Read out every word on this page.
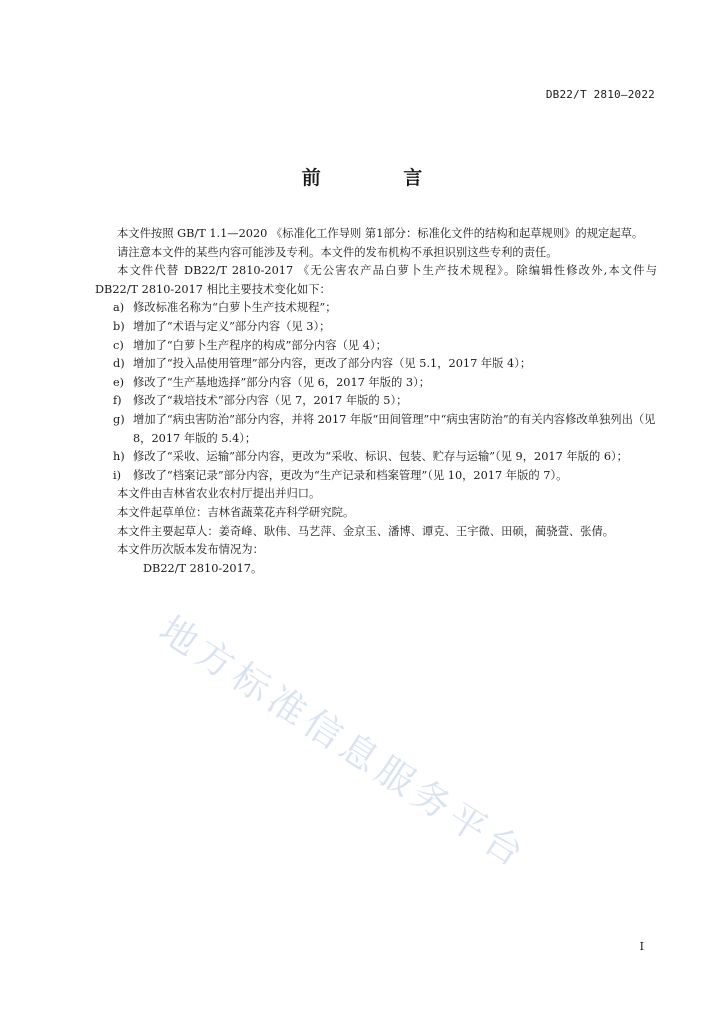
DB22/T 2810—2022
前 言

本文件按照 GB/T 1.1—2020 《标准化工作导则 第1部分：标准化文件的结构和起草规则》的规定起草。

请注意本文件的某些内容可能涉及专利。本文件的发布机构不承担识别这些专利的责任。

本文件代替 DB22/T 2810-2017 《无公害农产品白萝卜生产技术规程》。除编辑性修改外,本文件与 DB22/T 2810-2017 相比主要技术变化如下：

a) 修改标准名称为“白萝卜生产技术规程”；
b) 增加了“术语与定义”部分内容（见 3）；
c) 增加了“白萝卜生产程序的构成”部分内容（见 4）；
d) 增加了“投入品使用管理”部分内容，更改了部分内容（见 5.1，2017 年版 4）；
e) 修改了“生产基地选择”部分内容（见 6，2017 年版的 3）；
f)	修改了“栽培技术”部分内容（见 7，2017 年版的 5）；
g) 增加了“病虫害防治”部分内容，并将 2017 年版“田间管理”中“病虫害防治”的有关内容修改单独列出（见 8，2017 年版的 5.4）；
h) 修改了“采收、运输”部分内容，更改为“采收、标识、包装、贮存与运输”（见 9，2017 年版的 6）；
i)	修改了“档案记录”部分内容，更改为“生产记录和档案管理”（见 10，2017 年版的 7）。

本文件由吉林省农业农村厅提出并归口。

本文件起草单位：吉林省蔬菜花卉科学研究院。

本文件主要起草人：姜奇峰、耿伟、马艺萍、金京玉、潘博、谭克、王宇微、田硕，蔺骁萱、张倩。

本文件历次版本发布情况为：

DB22/T 2810-2017。

地方标准信息服务平台
I
